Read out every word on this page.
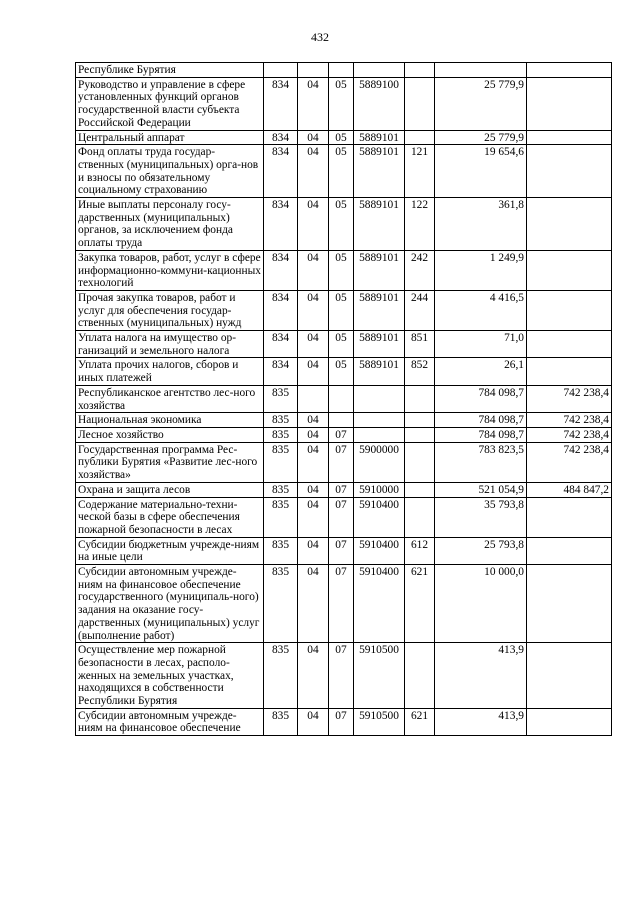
432
Республике Бурятия							
Руководство и управление в сфере установленных функций органов государственной власти субъекта Российской Федерации	834	04	05	5889100		25 779,9	
Центральный аппарат	834	04	05	5889101		25 779,9	
Фонд оплаты труда государ-ственных (муниципальных) орга-нов и взносы по обязательному социальному страхованию	834	04	05	5889101	121	19 654,6	
Иные выплаты персоналу госу-дарственных (муниципальных) органов, за исключением фонда оплаты труда	834	04	05	5889101	122	361,8	
Закупка товаров, работ, услуг в сфере информационно-коммуни-кационных технологий	834	04	05	5889101	242	1 249,9	
Прочая закупка товаров, работ и услуг для обеспечения государ-ственных (муниципальных) нужд	834	04	05	5889101	244	4 416,5	
Уплата налога на имущество ор-ганизаций и земельного налога	834	04	05	5889101	851	71,0	
Уплата прочих налогов, сборов и иных платежей	834	04	05	5889101	852	26,1	
Республиканское агентство лес-ного хозяйства	835					784 098,7	742 238,4
Национальная экономика	835	04				784 098,7	742 238,4
Лесное хозяйство	835	04	07			784 098,7	742 238,4
Государственная программа Рес-публики Бурятия «Развитие лес-ного хозяйства»	835	04	07	5900000		783 823,5	742 238,4
Охрана и защита лесов	835	04	07	5910000		521 054,9	484 847,2
Содержание материально-техни-ческой базы в сфере обеспечения пожарной безопасности в лесах	835	04	07	5910400		35 793,8	
Субсидии бюджетным учрежде-ниям на иные цели	835	04	07	5910400	612	25 793,8	
Субсидии автономным учрежде-ниям на финансовое обеспечение государственного (муниципаль-ного) задания на оказание госу-дарственных (муниципальных) услуг (выполнение работ)	835	04	07	5910400	621	10 000,0	
Осуществление мер пожарной безопасности в лесах, располо-женных на земельных участках, находящихся в собственности Республики Бурятия	835	04	07	5910500		413,9	
Субсидии автономным учрежде-ниям на финансовое обеспечение	835	04	07	5910500	621	413,9	
